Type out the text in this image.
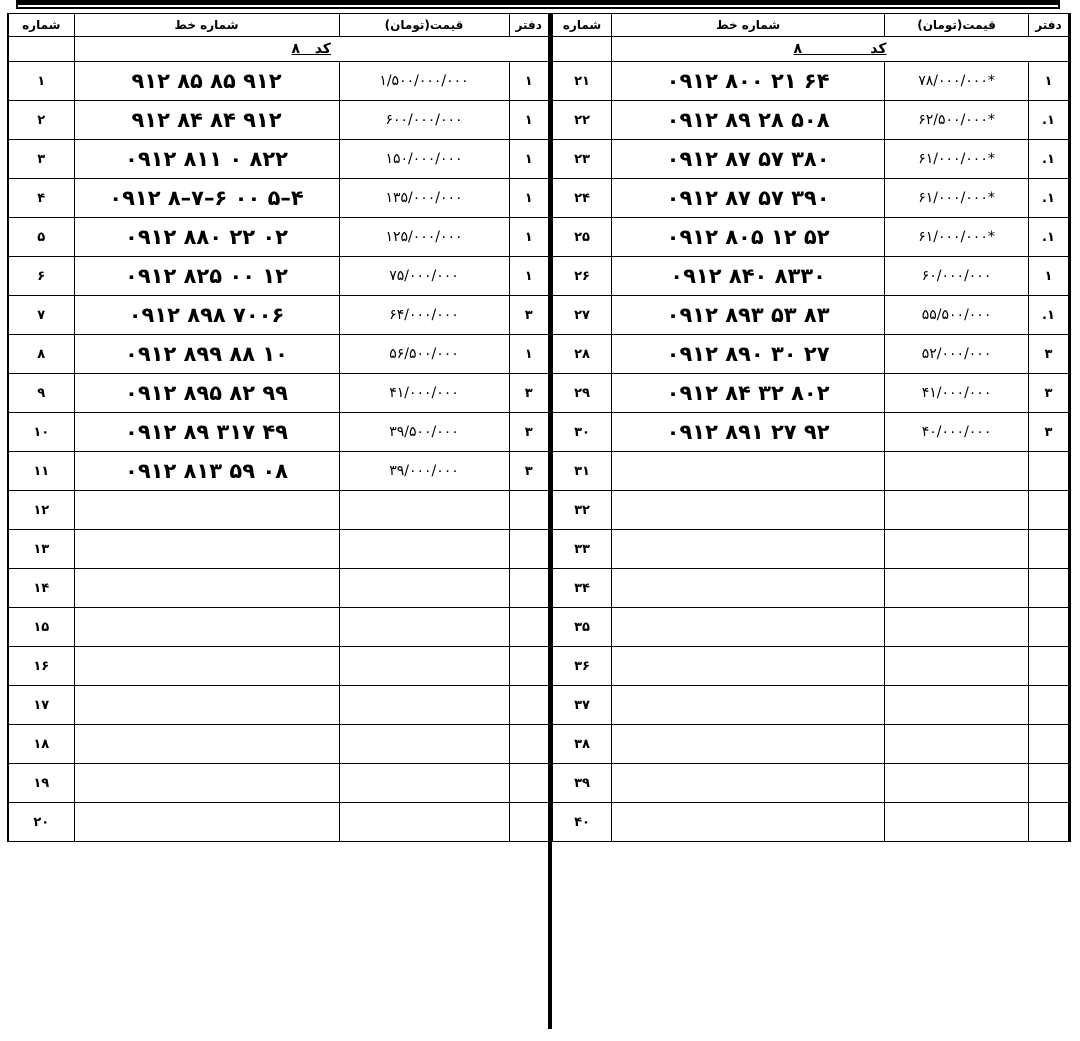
شماره	شماره خط	قیمت(تومان)	دفتر
	کد   ۸		
۱	۹۱۲ ۸۵ ۸۵ ۹۱۲	۱/۵۰۰/۰۰۰/۰۰۰	۱
۲	۹۱۲ ۸۴ ۸۴ ۹۱۲	۶۰۰/۰۰۰/۰۰۰	۱
۳	۰۹۱۲ ۸۱۱ ۰ ۸۲۲	۱۵۰/۰۰۰/۰۰۰	۱
۴	۰۹۱۲ ۸–۷–۶ ۰۰ ۵–۴	۱۳۵/۰۰۰/۰۰۰	۱
۵	۰۹۱۲ ۸۸۰ ۲۲ ۰۲	۱۲۵/۰۰۰/۰۰۰	۱
۶	۰۹۱۲ ۸۲۵ ۰۰ ۱۲	۷۵/۰۰۰/۰۰۰	۱
۷	۰۹۱۲ ۸۹۸ ۷۰۰۶	۶۴/۰۰۰/۰۰۰	۳
۸	۰۹۱۲ ۸۹۹ ۸۸ ۱۰	۵۶/۵۰۰/۰۰۰	۱
۹	۰۹۱۲ ۸۹۵ ۸۲ ۹۹	۴۱/۰۰۰/۰۰۰	۳
۱۰	۰۹۱۲ ۸۹ ۳۱۷ ۴۹	۳۹/۵۰۰/۰۰۰	۳
۱۱	۰۹۱۲ ۸۱۳ ۵۹ ۰۸	۳۹/۰۰۰/۰۰۰	۳
۱۲			
۱۳			
۱۴			
۱۵			
۱۶			
۱۷			
۱۸			
۱۹			
۲۰			
شماره	شماره خط	قیمت(تومان)	دفتر
	کد              ۸		
۲۱	۰۹۱۲ ۸۰۰ ۲۱ ۶۴	۷۸/۰۰۰/۰۰۰*	۱
۲۲	۰۹۱۲ ۸۹ ۲۸ ۵۰۸	۶۲/۵۰۰/۰۰۰*	.۱
۲۳	۰۹۱۲ ۸۷ ۵۷ ۳۸۰	۶۱/۰۰۰/۰۰۰*	.۱
۲۴	۰۹۱۲ ۸۷ ۵۷ ۳۹۰	۶۱/۰۰۰/۰۰۰*	.۱
۲۵	۰۹۱۲ ۸۰۵ ۱۲ ۵۲	۶۱/۰۰۰/۰۰۰*	.۱
۲۶	۰۹۱۲ ۸۴۰ ۸۳۳۰	۶۰/۰۰۰/۰۰۰	۱
۲۷	۰۹۱۲ ۸۹۳ ۵۳ ۸۳	۵۵/۵۰۰/۰۰۰	.۱
۲۸	۰۹۱۲ ۸۹۰ ۳۰ ۲۷	۵۲/۰۰۰/۰۰۰	۳
۲۹	۰۹۱۲ ۸۴ ۳۲ ۸۰۲	۴۱/۰۰۰/۰۰۰	۳
۳۰	۰۹۱۲ ۸۹۱ ۲۷ ۹۲	۴۰/۰۰۰/۰۰۰	۳
۳۱			
۳۲			
۳۳			
۳۴			
۳۵			
۳۶			
۳۷			
۳۸			
۳۹			
۴۰			
